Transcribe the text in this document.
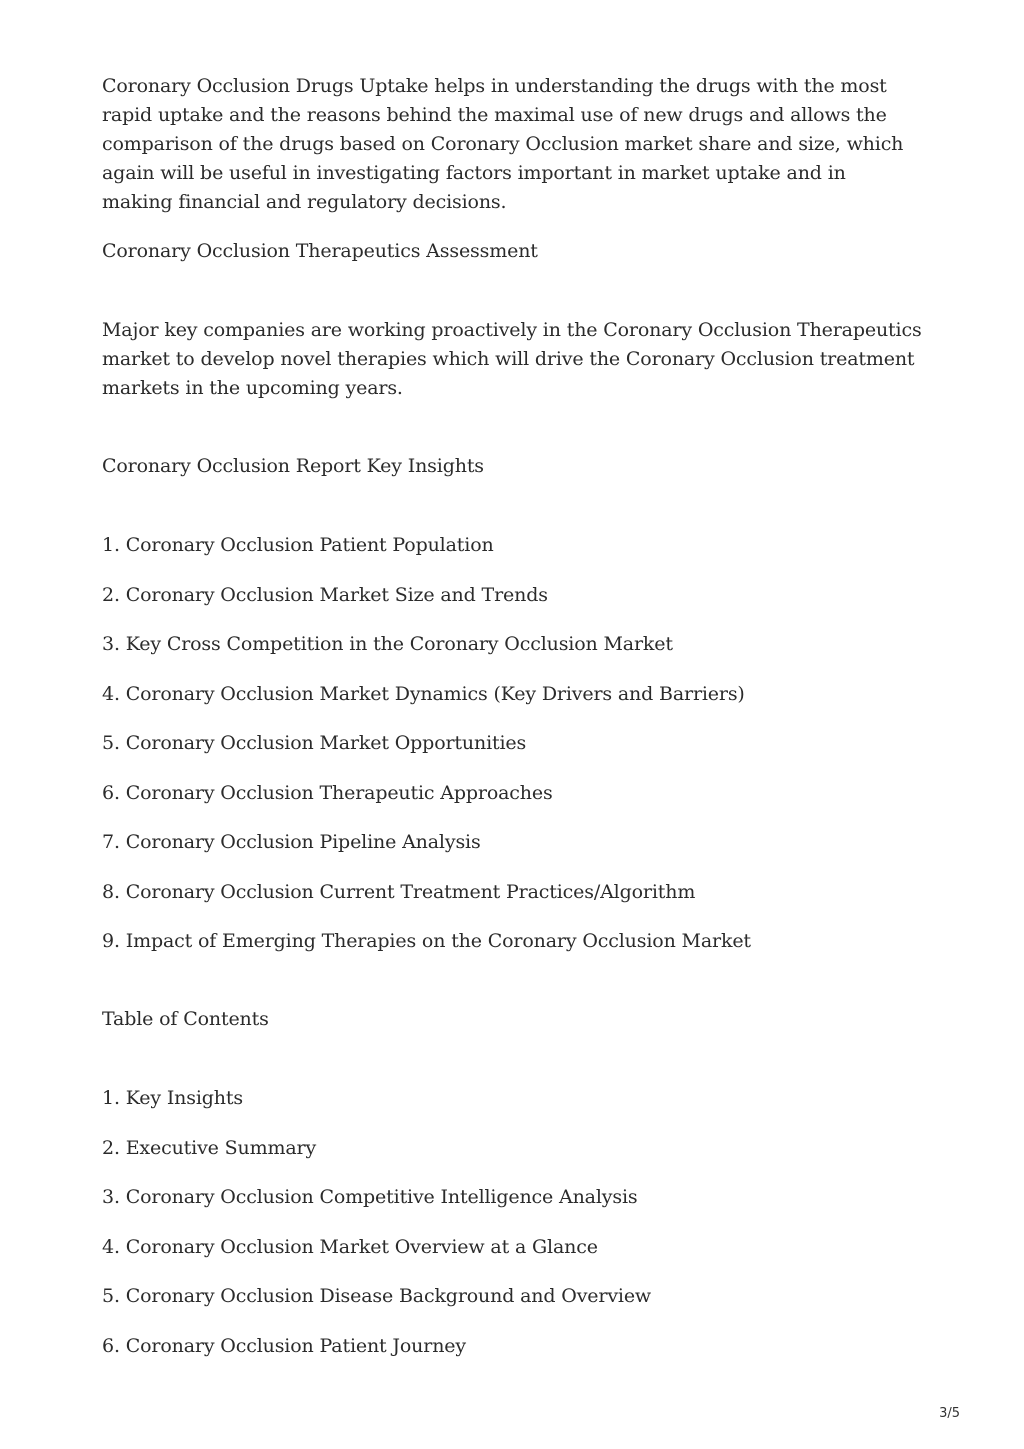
Coronary Occlusion Drugs Uptake helps in understanding the drugs with the most rapid uptake and the reasons behind the maximal use of new drugs and allows the comparison of the drugs based on Coronary Occlusion market share and size, which again will be useful in investigating factors important in market uptake and in making financial and regulatory decisions.

Coronary Occlusion Therapeutics Assessment

Major key companies are working proactively in the Coronary Occlusion Therapeutics market to develop novel therapies which will drive the Coronary Occlusion treatment markets in the upcoming years.

Coronary Occlusion Report Key Insights

1. Coronary Occlusion Patient Population

2. Coronary Occlusion Market Size and Trends

3. Key Cross Competition in the Coronary Occlusion Market

4. Coronary Occlusion Market Dynamics (Key Drivers and Barriers)

5. Coronary Occlusion Market Opportunities

6. Coronary Occlusion Therapeutic Approaches

7. Coronary Occlusion Pipeline Analysis

8. Coronary Occlusion Current Treatment Practices/Algorithm

9. Impact of Emerging Therapies on the Coronary Occlusion Market

Table of Contents

1. Key Insights

2. Executive Summary

3. Coronary Occlusion Competitive Intelligence Analysis

4. Coronary Occlusion Market Overview at a Glance

5. Coronary Occlusion Disease Background and Overview

6. Coronary Occlusion Patient Journey

3/5
